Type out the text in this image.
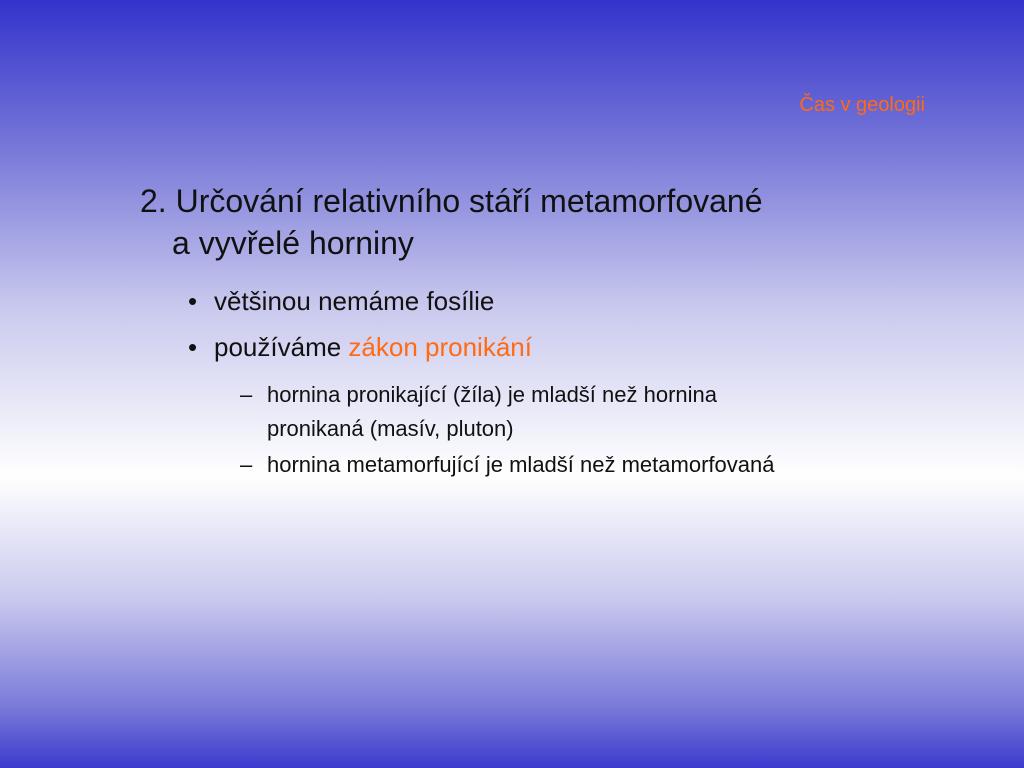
Čas v geologii
2. Určování relativního stáří metamorfované
a vyvřelé horniny
• většinou nemáme fosílie
• používáme zákon pronikání
– hornina pronikající (žíla) je mladší než hornina
pronikaná (masív, pluton)
– hornina metamorfující je mladší než metamorfovaná
